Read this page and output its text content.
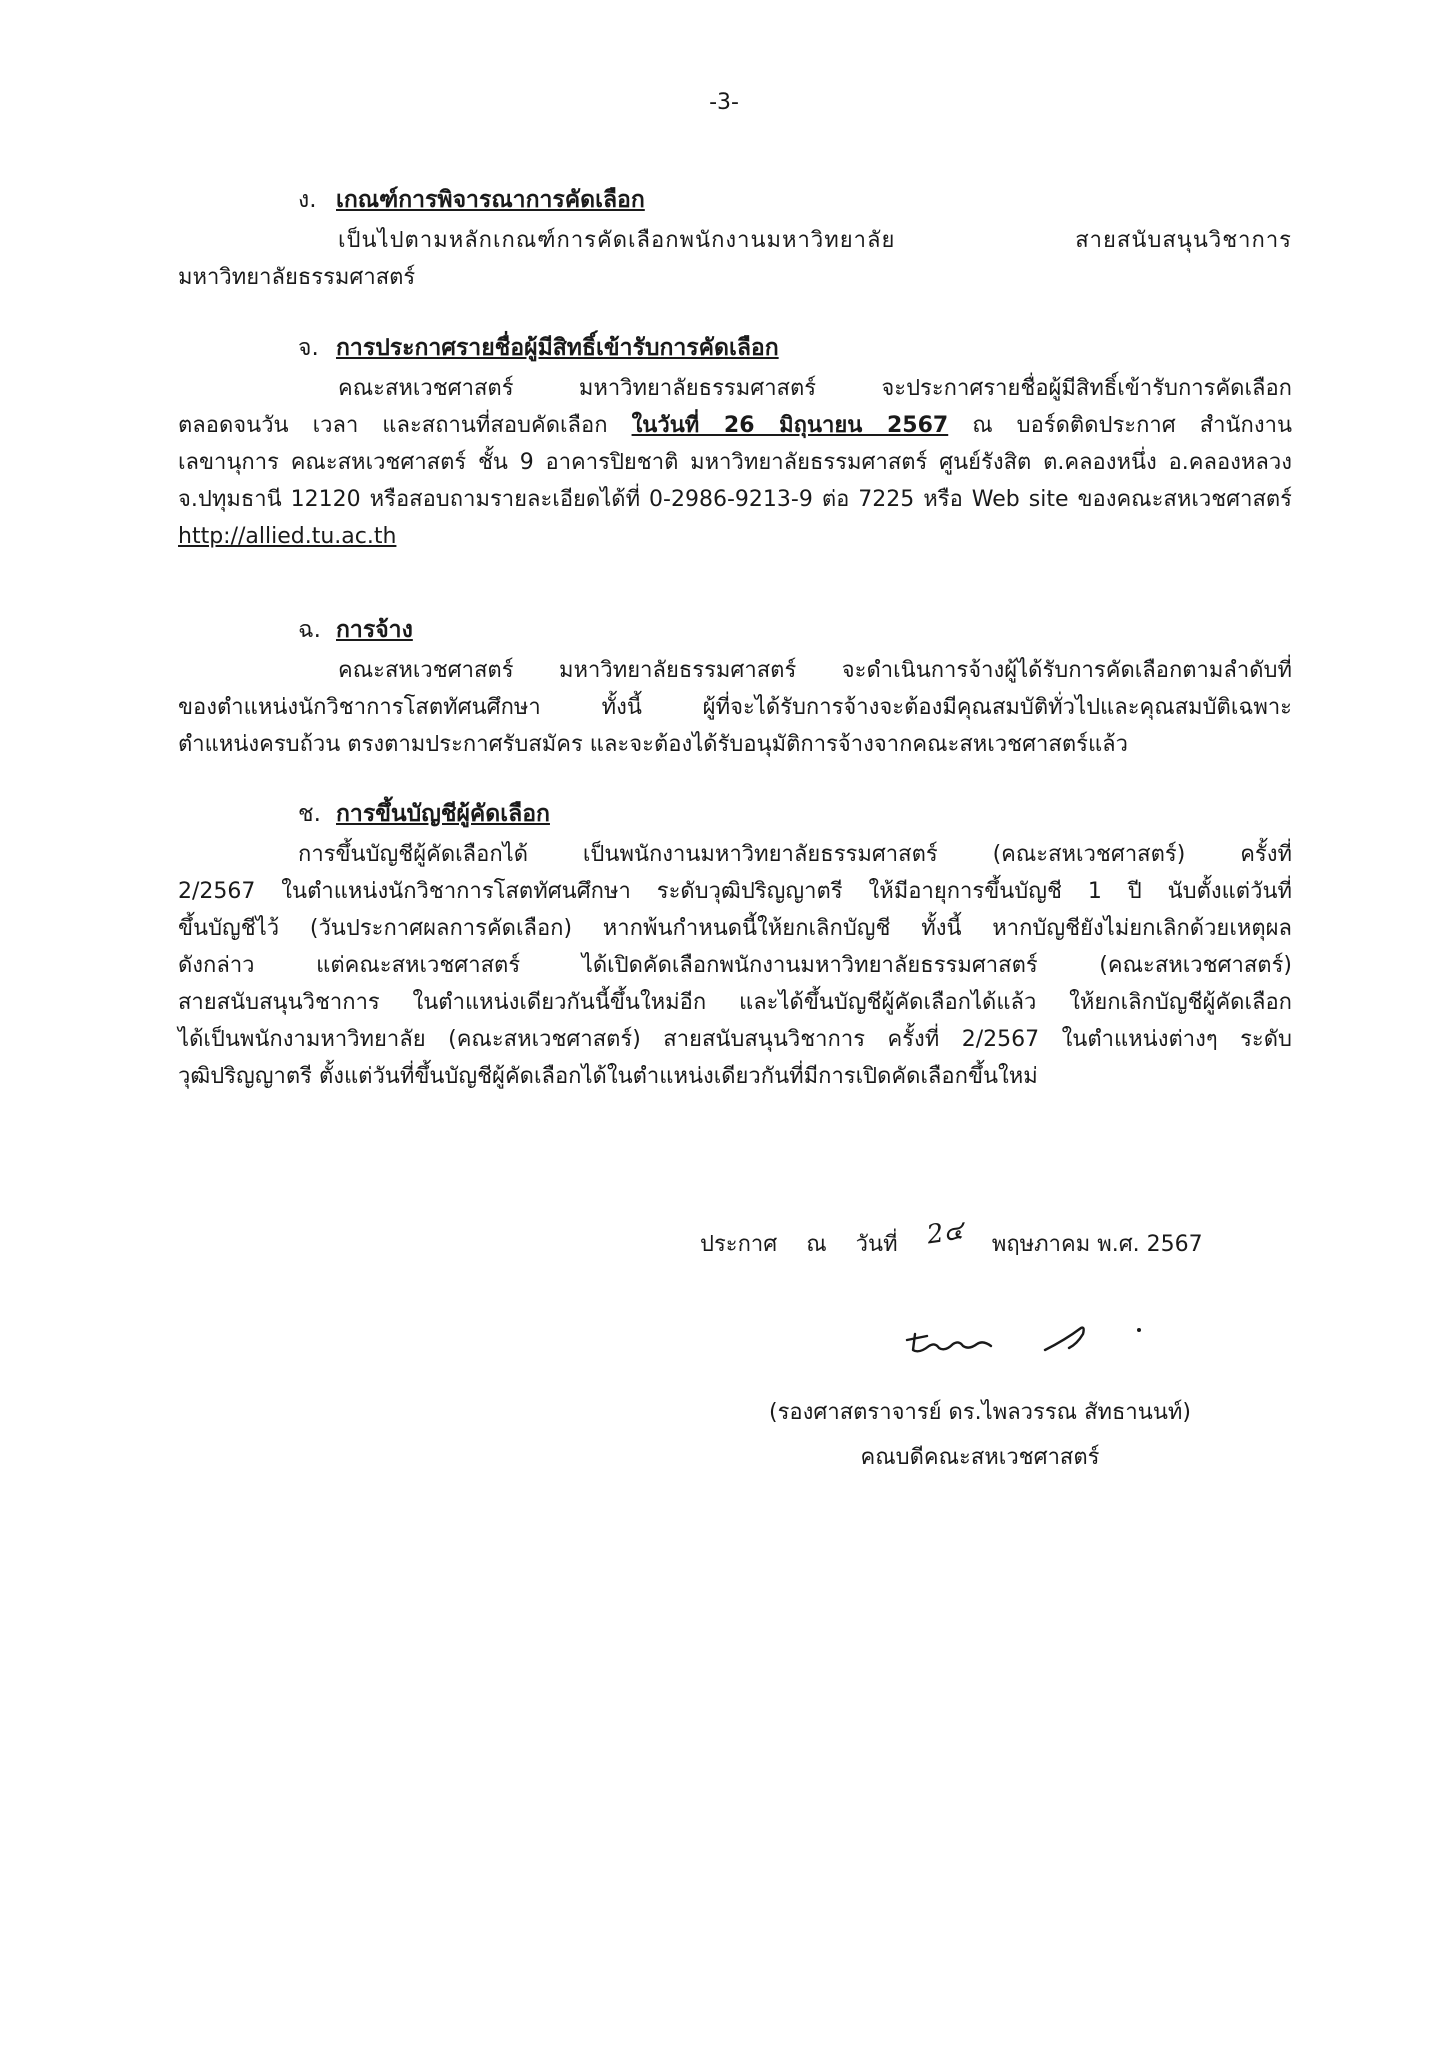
-3-
ง. เกณฑ์การพิจารณาการคัดเลือก

เป็นไปตามหลักเกณฑ์การคัดเลือกพนักงานมหาวิทยาลัย สายสนับสนุนวิชาการ
มหาวิทยาลัยธรรมศาสตร์

จ. การประกาศรายชื่อผู้มีสิทธิ์เข้ารับการคัดเลือก

คณะสหเวชศาสตร์ มหาวิทยาลัยธรรมศาสตร์ จะประกาศรายชื่อผู้มีสิทธิ์เข้ารับการคัดเลือก
ตลอดจนวัน เวลา และสถานที่สอบคัดเลือก ในวันที่ 26 มิถุนายน 2567 ณ บอร์ดติดประกาศ สำนักงาน
เลขานุการ คณะสหเวชศาสตร์ ชั้น 9 อาคารปิยชาติ มหาวิทยาลัยธรรมศาสตร์ ศูนย์รังสิต ต.คลองหนึ่ง อ.คลองหลวง
จ.ปทุมธานี 12120 หรือสอบถามรายละเอียดได้ที่ 0-2986-9213-9 ต่อ 7225 หรือ Web site ของคณะสหเวชศาสตร์
http://allied.tu.ac.th

ฉ. การจ้าง

คณะสหเวชศาสตร์ มหาวิทยาลัยธรรมศาสตร์ จะดำเนินการจ้างผู้ได้รับการคัดเลือกตามลำดับที่
ของตำแหน่งนักวิชาการโสตทัศนศึกษา ทั้งนี้ ผู้ที่จะได้รับการจ้างจะต้องมีคุณสมบัติทั่วไปและคุณสมบัติเฉพาะ
ตำแหน่งครบถ้วน ตรงตามประกาศรับสมัคร และจะต้องได้รับอนุมัติการจ้างจากคณะสหเวชศาสตร์แล้ว

ช. การขึ้นบัญชีผู้คัดเลือก

การขึ้นบัญชีผู้คัดเลือกได้ เป็นพนักงานมหาวิทยาลัยธรรมศาสตร์ (คณะสหเวชศาสตร์) ครั้งที่
2/2567 ในตำแหน่งนักวิชาการโสตทัศนศึกษา ระดับวุฒิปริญญาตรี ให้มีอายุการขึ้นบัญชี 1 ปี นับตั้งแต่วันที่
ขึ้นบัญชีไว้ (วันประกาศผลการคัดเลือก) หากพ้นกำหนดนี้ให้ยกเลิกบัญชี ทั้งนี้ หากบัญชียังไม่ยกเลิกด้วยเหตุผล
ดังกล่าว แต่คณะสหเวชศาสตร์ ได้เปิดคัดเลือกพนักงานมหาวิทยาลัยธรรมศาสตร์ (คณะสหเวชศาสตร์)
สายสนับสนุนวิชาการ ในตำแหน่งเดียวกันนี้ขึ้นใหม่อีก และได้ขึ้นบัญชีผู้คัดเลือกได้แล้ว ให้ยกเลิกบัญชีผู้คัดเลือก
ได้เป็นพนักงามหาวิทยาลัย (คณะสหเวชศาสตร์) สายสนับสนุนวิชาการ ครั้งที่ 2/2567 ในตำแหน่งต่างๆ ระดับ
วุฒิปริญญาตรี ตั้งแต่วันที่ขึ้นบัญชีผู้คัดเลือกได้ในตำแหน่งเดียวกันที่มีการเปิดคัดเลือกขึ้นใหม่

ประกาศ ณ วันที่ 2๔ พฤษภาคม พ.ศ. 2567
(รองศาสตราจารย์ ดร.ไพลวรรณ สัทธานนท์)
คณบดีคณะสหเวชศาสตร์
